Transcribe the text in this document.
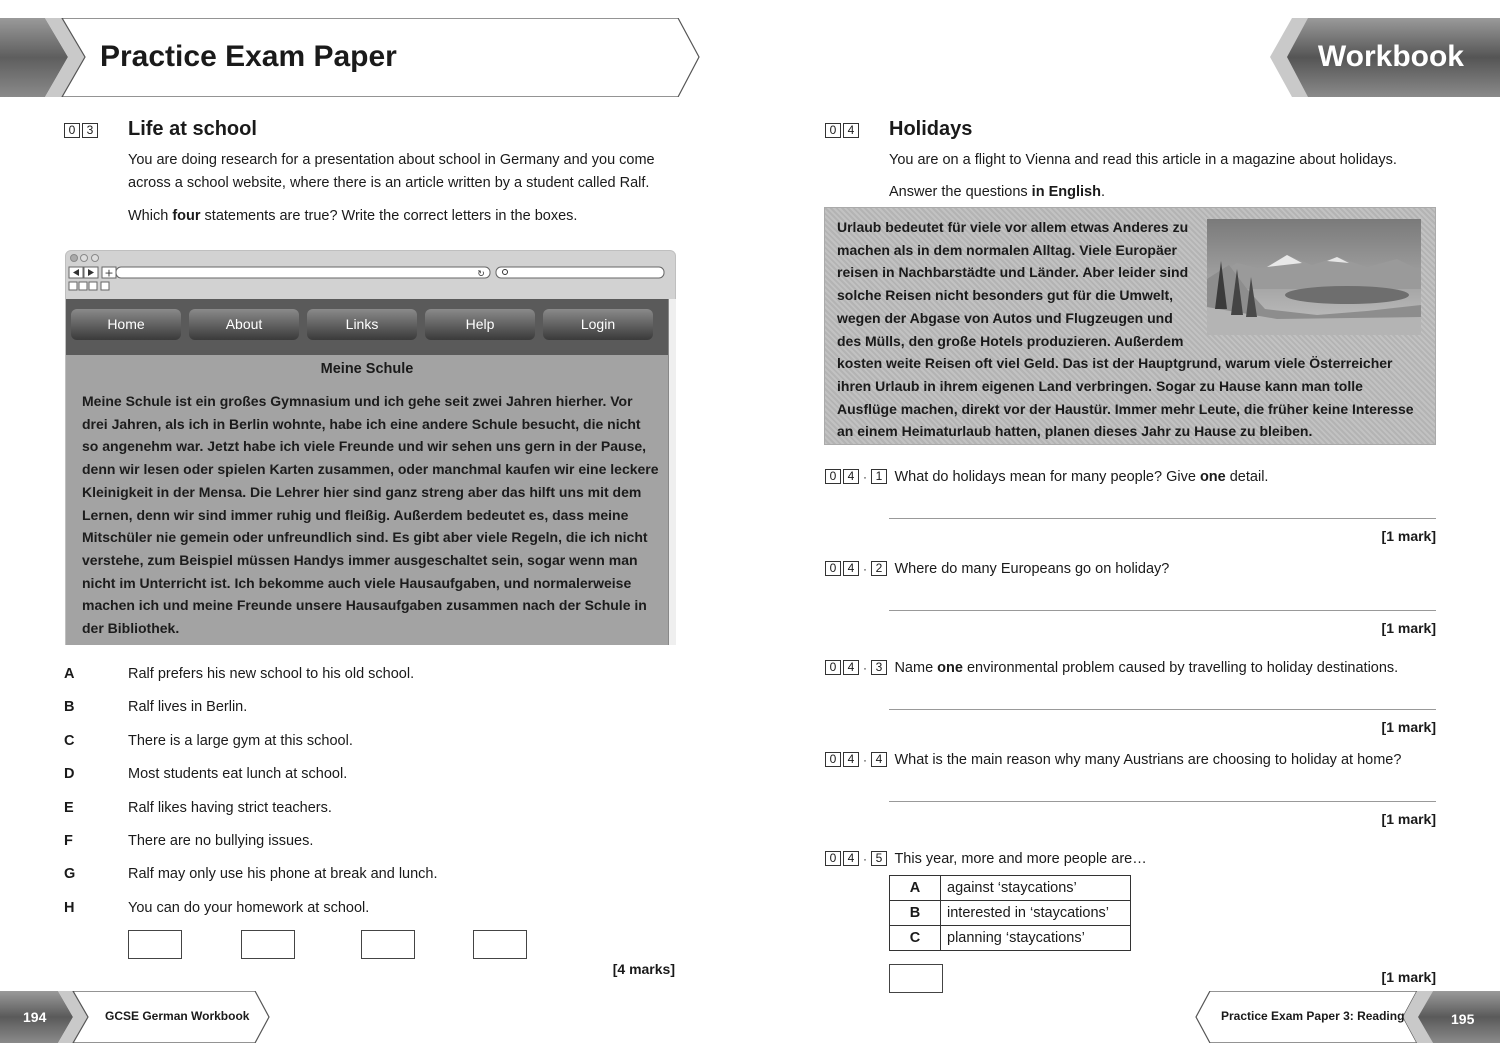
Practice Exam Paper	Workbook
0 3 Life at school
You are doing research for a presentation about school in Germany and you come across a school website, where there is an article written by a student called Ralf.
Which four statements are true? Write the correct letters in the boxes.
+	↻
Home	About	Links	Help	Login
Meine Schule
Meine Schule ist ein großes Gymnasium und ich gehe seit zwei Jahren hierher. Vor drei Jahren, als ich in Berlin wohnte, habe ich eine andere Schule besucht, die nicht so angenehm war. Jetzt habe ich viele Freunde und wir sehen uns gern in der Pause, denn wir lesen oder spielen Karten zusammen, oder manchmal kaufen wir eine leckere Kleinigkeit in der Mensa. Die Lehrer hier sind ganz streng aber das hilft uns mit dem Lernen, denn wir sind immer ruhig und fleißig. Außerdem bedeutet es, dass meine Mitschüler nie gemein oder unfreundlich sind. Es gibt aber viele Regeln, die ich nicht verstehe, zum Beispiel müssen Handys immer ausgeschaltet sein, sogar wenn man nicht im Unterricht ist. Ich bekomme auch viele Hausaufgaben, und normalerweise machen ich und meine Freunde unsere Hausaufgaben zusammen nach der Schule in der Bibliothek.
A	Ralf prefers his new school to his old school.
B	Ralf lives in Berlin.
C	There is a large gym at this school.
D	Most students eat lunch at school.
E	Ralf likes having strict teachers.
F	There are no bullying issues.
G	Ralf may only use his phone at break and lunch.
H	You can do your homework at school.
[4 marks]
0 4 Holidays
You are on a flight to Vienna and read this article in a magazine about holidays.
Answer the questions in English.
Urlaub bedeutet für viele vor allem etwas Anderes zu machen als in dem normalen Alltag. Viele Europäer reisen in Nachbarstädte und Länder. Aber leider sind solche Reisen nicht besonders gut für die Umwelt, wegen der Abgase von Autos und Flugzeugen und des Mülls, den große Hotels produzieren. Außerdem kosten weite Reisen oft viel Geld. Das ist der Hauptgrund, warum viele Österreicher ihren Urlaub in ihrem eigenen Land verbringen. Sogar zu Hause kann man tolle Ausflüge machen, direkt vor der Haustür. Immer mehr Leute, die früher keine Interesse an einem Heimaturlaub hatten, planen dieses Jahr zu Hause zu bleiben.
0 4 · 1 What do holidays mean for many people? Give one detail.
[1 mark]
0 4 · 2 Where do many Europeans go on holiday?
[1 mark]
0 4 · 3 Name one environmental problem caused by travelling to holiday destinations.
[1 mark]
0 4 · 4 What is the main reason why many Austrians are choosing to holiday at home?
[1 mark]
0 4 · 5 This year, more and more people are…
A	against ‘staycations’
B	interested in ‘staycations’
C	planning ‘staycations’
[1 mark]
194	GCSE German Workbook	Practice Exam Paper 3: Reading	195
